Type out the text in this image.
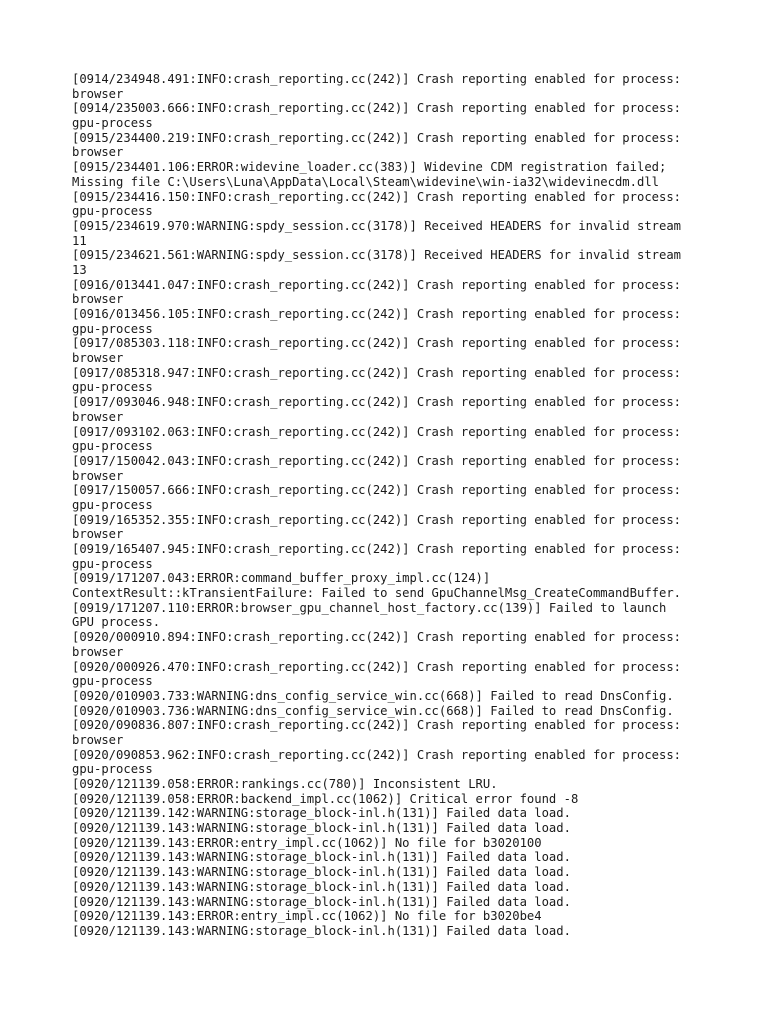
[0914/234948.491:INFO:crash_reporting.cc(242)] Crash reporting enabled for process:
browser
[0914/235003.666:INFO:crash_reporting.cc(242)] Crash reporting enabled for process:
gpu-process
[0915/234400.219:INFO:crash_reporting.cc(242)] Crash reporting enabled for process:
browser
[0915/234401.106:ERROR:widevine_loader.cc(383)] Widevine CDM registration failed;
Missing file C:\Users\Luna\AppData\Local\Steam\widevine\win-ia32\widevinecdm.dll
[0915/234416.150:INFO:crash_reporting.cc(242)] Crash reporting enabled for process:
gpu-process
[0915/234619.970:WARNING:spdy_session.cc(3178)] Received HEADERS for invalid stream
11
[0915/234621.561:WARNING:spdy_session.cc(3178)] Received HEADERS for invalid stream
13
[0916/013441.047:INFO:crash_reporting.cc(242)] Crash reporting enabled for process:
browser
[0916/013456.105:INFO:crash_reporting.cc(242)] Crash reporting enabled for process:
gpu-process
[0917/085303.118:INFO:crash_reporting.cc(242)] Crash reporting enabled for process:
browser
[0917/085318.947:INFO:crash_reporting.cc(242)] Crash reporting enabled for process:
gpu-process
[0917/093046.948:INFO:crash_reporting.cc(242)] Crash reporting enabled for process:
browser
[0917/093102.063:INFO:crash_reporting.cc(242)] Crash reporting enabled for process:
gpu-process
[0917/150042.043:INFO:crash_reporting.cc(242)] Crash reporting enabled for process:
browser
[0917/150057.666:INFO:crash_reporting.cc(242)] Crash reporting enabled for process:
gpu-process
[0919/165352.355:INFO:crash_reporting.cc(242)] Crash reporting enabled for process:
browser
[0919/165407.945:INFO:crash_reporting.cc(242)] Crash reporting enabled for process:
gpu-process
[0919/171207.043:ERROR:command_buffer_proxy_impl.cc(124)]
ContextResult::kTransientFailure: Failed to send GpuChannelMsg_CreateCommandBuffer.
[0919/171207.110:ERROR:browser_gpu_channel_host_factory.cc(139)] Failed to launch
GPU process.
[0920/000910.894:INFO:crash_reporting.cc(242)] Crash reporting enabled for process:
browser
[0920/000926.470:INFO:crash_reporting.cc(242)] Crash reporting enabled for process:
gpu-process
[0920/010903.733:WARNING:dns_config_service_win.cc(668)] Failed to read DnsConfig.
[0920/010903.736:WARNING:dns_config_service_win.cc(668)] Failed to read DnsConfig.
[0920/090836.807:INFO:crash_reporting.cc(242)] Crash reporting enabled for process:
browser
[0920/090853.962:INFO:crash_reporting.cc(242)] Crash reporting enabled for process:
gpu-process
[0920/121139.058:ERROR:rankings.cc(780)] Inconsistent LRU.
[0920/121139.058:ERROR:backend_impl.cc(1062)] Critical error found -8
[0920/121139.142:WARNING:storage_block-inl.h(131)] Failed data load.
[0920/121139.143:WARNING:storage_block-inl.h(131)] Failed data load.
[0920/121139.143:ERROR:entry_impl.cc(1062)] No file for b3020100
[0920/121139.143:WARNING:storage_block-inl.h(131)] Failed data load.
[0920/121139.143:WARNING:storage_block-inl.h(131)] Failed data load.
[0920/121139.143:WARNING:storage_block-inl.h(131)] Failed data load.
[0920/121139.143:WARNING:storage_block-inl.h(131)] Failed data load.
[0920/121139.143:ERROR:entry_impl.cc(1062)] No file for b3020be4
[0920/121139.143:WARNING:storage_block-inl.h(131)] Failed data load.
